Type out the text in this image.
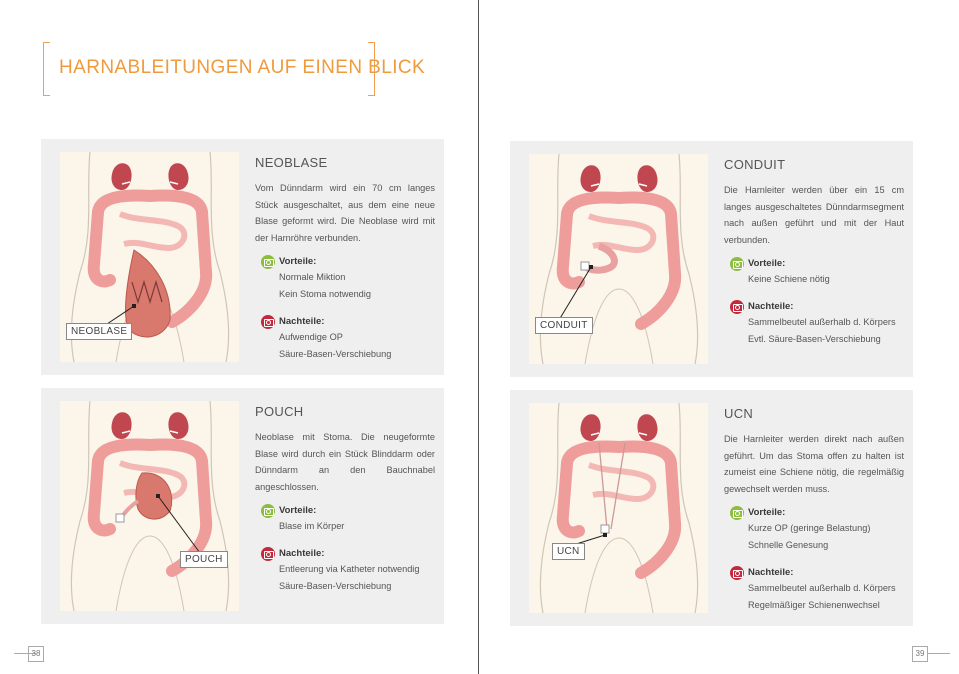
HARNABLEITUNGEN AUF EINEN BLICK
NEOBLASE
NEOBLASE
Vom Dünndarm wird ein 70 cm langes Stück ausgeschaltet, aus dem eine neue Blase geformt wird. Die Neoblase wird mit der Harnröhre verbunden.
Vorteile:
Normale Miktion
Kein Stoma notwendig
Nachteile:
Aufwendige OP
Säure-Basen-Verschiebung
POUCH
POUCH
Neoblase mit Stoma. Die neugeformte Blase wird durch ein Stück Blinddarm oder Dünndarm an den Bauchnabel angeschlossen.
Vorteile:
Blase im Körper
Nachteile:
Entleerung via Katheter notwendig
Säure-Basen-Verschiebung
CONDUIT
CONDUIT
Die Harnleiter werden über ein 15 cm langes ausgeschaltetes Dünndarmsegment nach außen geführt und mit der Haut verbunden.
Vorteile:
Keine Schiene nötig
Nachteile:
Sammelbeutel außerhalb d. Körpers
Evtl. Säure-Basen-Verschiebung
UCN
UCN
Die Harnleiter werden direkt nach außen geführt. Um das Stoma offen zu halten ist zumeist eine Schiene nötig, die regelmäßig gewechselt werden muss.
Vorteile:
Kurze OP (geringe Belastung)
Schnelle Genesung
Nachteile:
Sammelbeutel außerhalb d. Körpers
Regelmäßiger Schienenwechsel
38	39
